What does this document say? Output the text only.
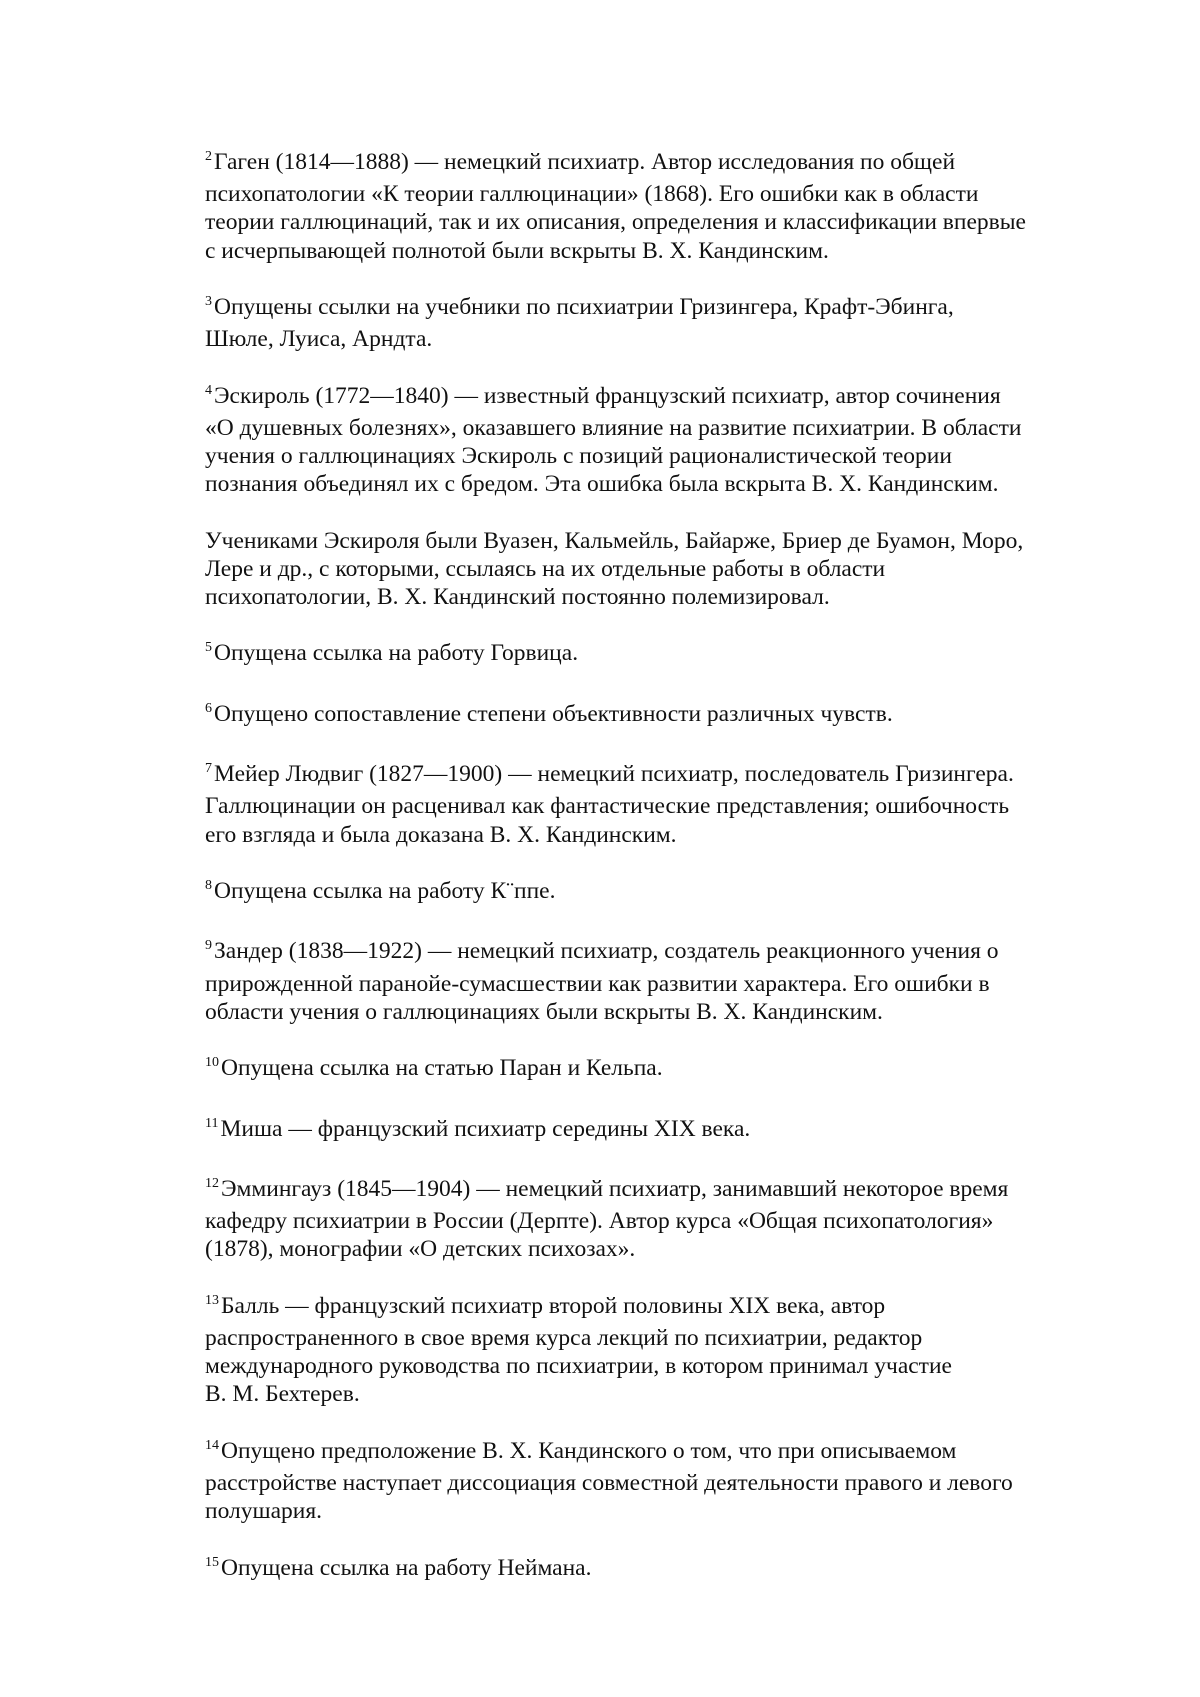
$^2$Гаген (1814—1888) — немецкий психиатр. Автор исследования по общей
психопатологии «К теории галлюцинации» (1868). Его ошибки как в области
теории галлюцинаций, так и их описания, определения и классификации впервые
с исчерпывающей полнотой были вскрыты В. Х. Кандинским.

$^3$Опущены ссылки на учебники по психиатрии Гризингера, Крафт-Эбинга,
Шюле, Луиса, Арндта.

$^4$Эскироль (1772—1840) — известный французский психиатр, автор сочинения
«О душевных болезнях», оказавшего влияние на развитие психиатрии. В области
учения о галлюцинациях Эскироль с позиций рационалистической теории
познания объединял их с бредом. Эта ошибка была вскрыта В. Х. Кандинским.

Учениками Эскироля были Вуазен, Кальмейль, Байарже, Бриер де Буамон, Моро,
Лере и др., с которыми, ссылаясь на их отдельные работы в области
психопатологии, В. Х. Кандинский постоянно полемизировал.

$^5$Опущена ссылка на работу Горвица.

$^6$Опущено сопоставление степени объективности различных чувств.

$^7$Мейер Людвиг (1827—1900) — немецкий психиатр, последователь Гризингера.
Галлюцинации он расценивал как фантастические представления; ошибочность
его взгляда и была доказана В. Х. Кандинским.

$^8$Опущена ссылка на работу К¨ппе.

$^9$Зандер (1838—1922) — немецкий психиатр, создатель реакционного учения о
прирожденной паранойе-сумасшествии как развитии характера. Его ошибки в
области учения о галлюцинациях были вскрыты В. Х. Кандинским.

$^{10}$Опущена ссылка на статью Паран и Кельпа.

$^{11}$Миша — французский психиатр середины XIX века.

$^{12}$Эммингауз (1845—1904) — немецкий психиатр, занимавший некоторое время
кафедру психиатрии в России (Дерпте). Автор курса «Общая психопатология»
(1878), монографии «О детских психозах».

$^{13}$Балль — французский психиатр второй половины XIX века, автор
распространенного в свое время курса лекций по психиатрии, редактор
международного руководства по психиатрии, в котором принимал участие
В. М. Бехтерев.

$^{14}$Опущено предположение В. Х. Кандинского о том, что при описываемом
расстройстве наступает диссоциация совместной деятельности правого и левого
полушария.

$^{15}$Опущена ссылка на работу Неймана.
